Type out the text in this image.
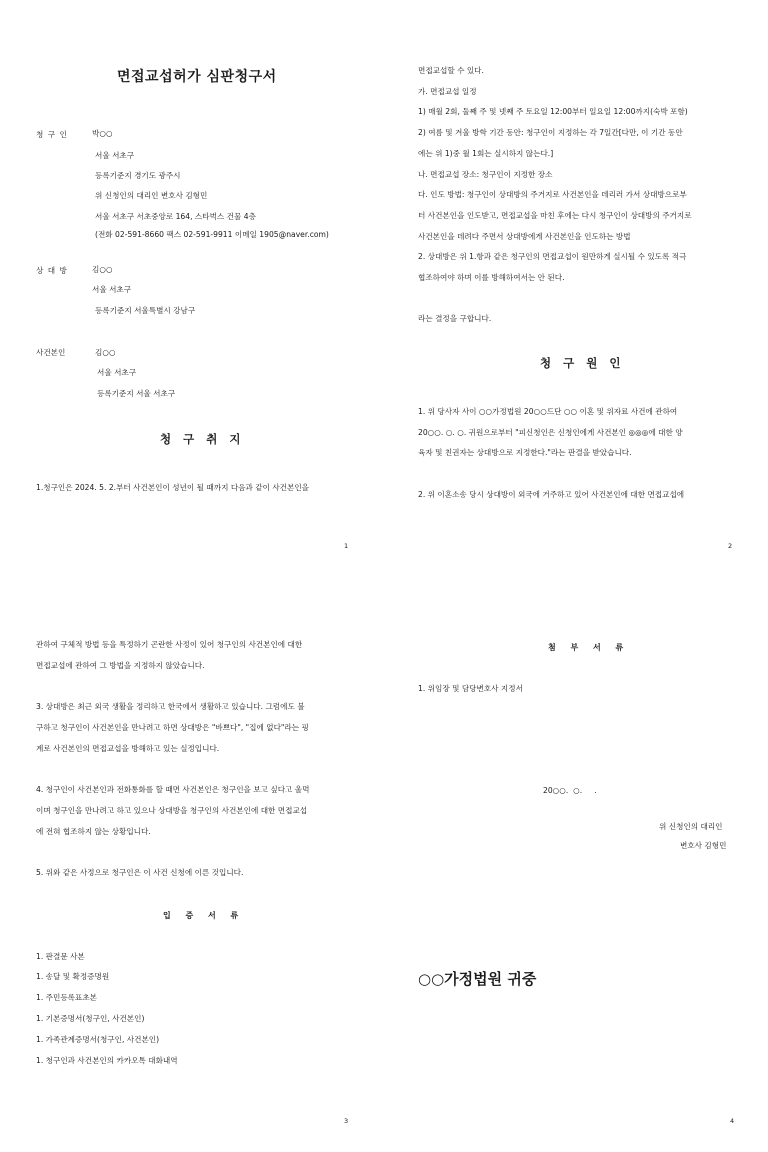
면접교섭허가 심판청구서
청 구 인	박○○
서울 서초구
등록기준지 경기도 광주시
위 신청인의 대리인 변호사 김형민
서울 서초구 서초중앙로 164, 스타벅스 건물 4층
(전화 02-591-8660 팩스 02-591-9911 이메일 1905@naver.com)
상 대 방	김○○
서울 서초구
등록기준지 서울특별시 강남구
사건본인	김○○
서울 서초구
등록기준지 서울 서초구
청 구 취 지
1.청구인은 2024. 5. 2.부터 사건본인이 성년이 될 때까지 다음과 같이 사건본인을
1
면접교섭할 수 있다.
가. 면접교섭 일정
1) 매월 2회, 둘째 주 및 넷째 주 토요일 12:00부터 일요일 12:00까지(숙박 포함)
2) 여름 및 겨울 방학 기간 동안: 청구인이 지정하는 각 7일간[다만, 이 기간 동안
에는 위 1)중 월 1회는 실시하지 않는다.]
나. 면접교섭 장소: 청구인이 지정한 장소
다. 인도 방법: 청구인이 상대방의 주거지로 사건본인을 데리러 가서 상대방으로부
터 사건본인을 인도받고, 면접교섭을 마친 후에는 다시 청구인이 상대방의 주거지로
사건본인을 데려다 주면서 상대방에게 사건본인을 인도하는 방법
2. 상대방은 위 1.항과 같은 청구인의 면접교섭이 원만하게 실시될 수 있도록 적극
협조하여야 하며 이를 방해하여서는 안 된다.
라는 결정을 구합니다.
청 구 원 인
1. 위 당사자 사이 ○○가정법원 20○○드단 ○○ 이혼 및 위자료 사건에 관하여
20○○. ○. ○. 귀원으로부터 "피신청인은 신청인에게 사건본인 ◎◎◎에 대한 양
육자 및 친권자는 상대방으로 지정한다."라는 판결을 받았습니다.
2. 위 이혼소송 당시 상대방이 외국에 거주하고 있어 사건본인에 대한 면접교섭에
2
관하여 구체적 방법 등을 특정하기 곤란한 사정이 있어 청구인의 사건본인에 대한
면접교섭에 관하여 그 방법을 지정하지 않았습니다.
3. 상대방은 최근 외국 생활을 정리하고 한국에서 생활하고 있습니다. 그럼에도 불
구하고 청구인이 사건본인을 만나려고 하면 상대방은 "바쁘다", "집에 없다"라는 핑
계로 사건본인의 면접교섭을 방해하고 있는 실정입니다.
4. 청구인이 사건본인과 전화통화를 할 때면 사건본인은 청구인을 보고 싶다고 울먹
이며 청구인을 만나려고 하고 있으나 상대방을 청구인의 사건본인에 대한 면접교섭
에 전혀 협조하지 않는 상황입니다.
5. 위와 같은 사정으로 청구인은 이 사건 신청에 이른 것입니다.
입 증 서 류
1. 판결문 사본
1. 송달 및 확정증명원
1. 주민등록표초본
1. 기본증명서(청구인, 사건본인)
1. 가족관계증명서(청구인, 사건본인)
1. 청구인과 사건본인의 카카오톡 대화내역
3
첨 부 서 류
1. 위임장 및 담당변호사 지정서
20○○.  ○.     .
위 신청인의 대리인
변호사 김형민
○○가정법원 귀중
4
